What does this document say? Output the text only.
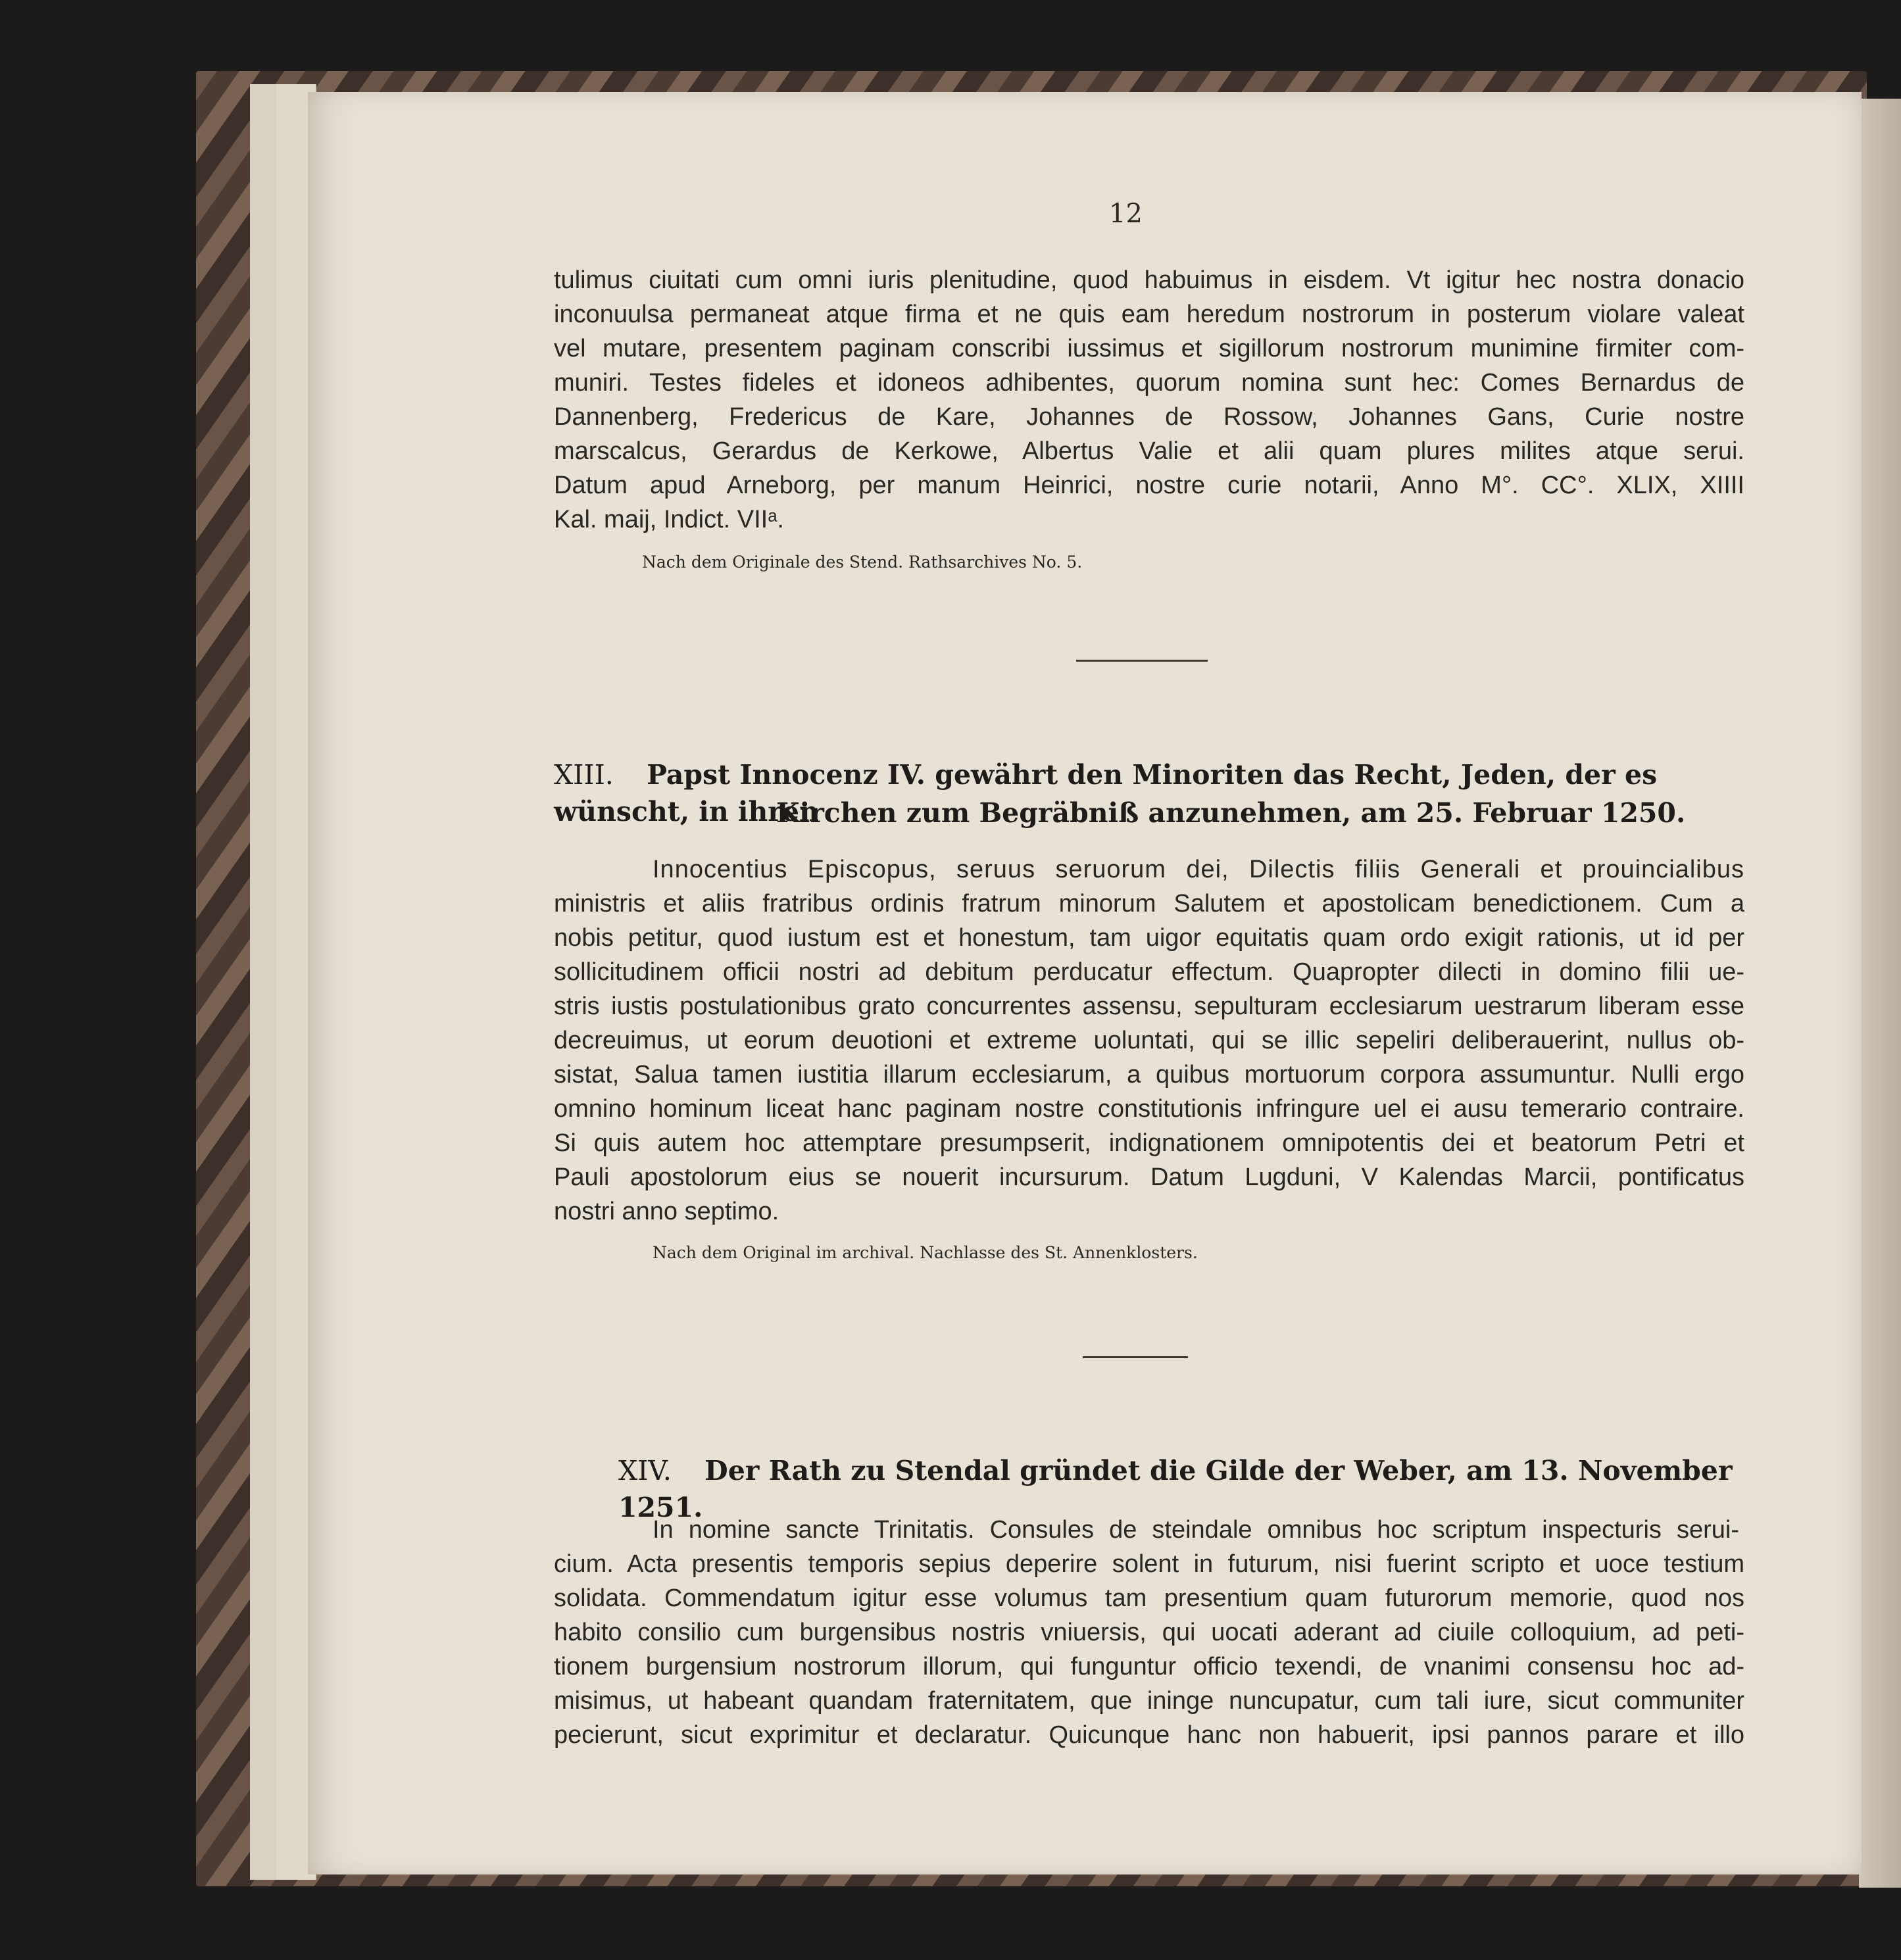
12
tulimus ciuitati cum omni iuris plenitudine, quod habuimus in eisdem. Vt igitur hec nostra donacio
inconuulsa permaneat atque firma et ne quis eam heredum nostrorum in posterum violare valeat
vel mutare, presentem paginam conscribi iussimus et sigillorum nostrorum munimine firmiter com-
muniri. Testes fideles et idoneos adhibentes, quorum nomina sunt hec: Comes Bernardus de
Dannenberg, Fredericus de Kare, Johannes de Rossow, Johannes Gans, Curie nostre
marscalcus, Gerardus de Kerkowe, Albertus Valie et alii quam plures milites atque serui.
Datum apud Arneborg, per manum Heinrici, nostre curie notarii, Anno M°. CC°. XLIX, XIIII
Kal. maij, Indict. VIIᵃ.
Nach dem Originale des Stend. Rathsarchives No. 5.
XIII. Papst Innocenz IV. gewährt den Minoriten das Recht, Jeden, der es wünscht, in ihren
Kirchen zum Begräbniß anzunehmen, am 25. Februar 1250.
Innocentius Episcopus, seruus seruorum dei, Dilectis filiis Generali et prouincialibus
ministris et aliis fratribus ordinis fratrum minorum Salutem et apostolicam benedictionem. Cum a
nobis petitur, quod iustum est et honestum, tam uigor equitatis quam ordo exigit rationis, ut id per
sollicitudinem officii nostri ad debitum perducatur effectum. Quapropter dilecti in domino filii ue-
stris iustis postulationibus grato concurrentes assensu, sepulturam ecclesiarum uestrarum liberam esse
decreuimus, ut eorum deuotioni et extreme uoluntati, qui se illic sepeliri deliberauerint, nullus ob-
sistat, Salua tamen iustitia illarum ecclesiarum, a quibus mortuorum corpora assumuntur. Nulli ergo
omnino hominum liceat hanc paginam nostre constitutionis infringure uel ei ausu temerario contraire.
Si quis autem hoc attemptare presumpserit, indignationem omnipotentis dei et beatorum Petri et
Pauli apostolorum eius se nouerit incursurum. Datum Lugduni, V Kalendas Marcii, pontificatus
nostri anno septimo.
Nach dem Original im archival. Nachlasse des St. Annenklosters.
XIV. Der Rath zu Stendal gründet die Gilde der Weber, am 13. November 1251.
In nomine sancte Trinitatis. Consules de steindale omnibus hoc scriptum inspecturis serui-
cium. Acta presentis temporis sepius deperire solent in futurum, nisi fuerint scripto et uoce testium
solidata. Commendatum igitur esse volumus tam presentium quam futurorum memorie, quod nos
habito consilio cum burgensibus nostris vniuersis, qui uocati aderant ad ciuile colloquium, ad peti-
tionem burgensium nostrorum illorum, qui funguntur officio texendi, de vnanimi consensu hoc ad-
misimus, ut habeant quandam fraternitatem, que ininge nuncupatur, cum tali iure, sicut communiter
pecierunt, sicut exprimitur et declaratur. Quicunque hanc non habuerit, ipsi pannos parare et illo
